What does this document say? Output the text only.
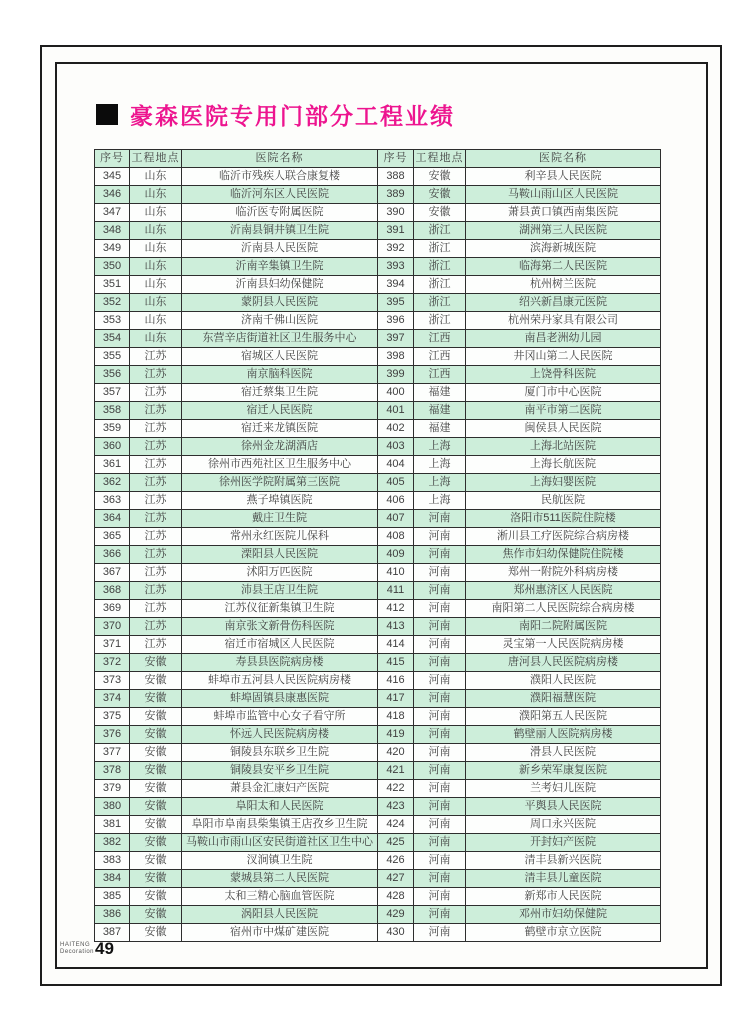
豪森医院专用门部分工程业绩
序号	工程地点	医院名称	序号	工程地点	医院名称
345	山东	临沂市残疾人联合康复楼	388	安徽	利辛县人民医院
346	山东	临沂河东区人民医院	389	安徽	马鞍山雨山区人民医院
347	山东	临沂医专附属医院	390	安徽	萧县黄口镇西南集医院
348	山东	沂南县铜井镇卫生院	391	浙江	湖洲第三人民医院
349	山东	沂南县人民医院	392	浙江	滨海新城医院
350	山东	沂南辛集镇卫生院	393	浙江	临海第二人民医院
351	山东	沂南县妇幼保健院	394	浙江	杭州树兰医院
352	山东	蒙阴县人民医院	395	浙江	绍兴新昌康元医院
353	山东	济南千佛山医院	396	浙江	杭州荣丹家具有限公司
354	山东	东营辛店街道社区卫生服务中心	397	江西	南昌老洲幼儿园
355	江苏	宿城区人民医院	398	江西	井冈山第二人民医院
356	江苏	南京脑科医院	399	江西	上饶骨科医院
357	江苏	宿迁蔡集卫生院	400	福建	厦门市中心医院
358	江苏	宿迁人民医院	401	福建	南平市第二医院
359	江苏	宿迁来龙镇医院	402	福建	闽侯县人民医院
360	江苏	徐州金龙湖酒店	403	上海	上海北站医院
361	江苏	徐州市西苑社区卫生服务中心	404	上海	上海长航医院
362	江苏	徐州医学院附属第三医院	405	上海	上海妇婴医院
363	江苏	燕子埠镇医院	406	上海	民航医院
364	江苏	戴庄卫生院	407	河南	洛阳市511医院住院楼
365	江苏	常州永红医院儿保科	408	河南	淅川县工疗医院综合病房楼
366	江苏	溧阳县人民医院	409	河南	焦作市妇幼保健院住院楼
367	江苏	沭阳万匹医院	410	河南	郑州一附院外科病房楼
368	江苏	沛县王店卫生院	411	河南	郑州惠济区人民医院
369	江苏	江苏仪征新集镇卫生院	412	河南	南阳第二人民医院综合病房楼
370	江苏	南京张文新骨伤科医院	413	河南	南阳二院附属医院
371	江苏	宿迁市宿城区人民医院	414	河南	灵宝第一人民医院病房楼
372	安徽	寿县县医院病房楼	415	河南	唐河县人民医院病房楼
373	安徽	蚌埠市五河县人民医院病房楼	416	河南	濮阳人民医院
374	安徽	蚌埠固镇县康惠医院	417	河南	濮阳福慧医院
375	安徽	蚌埠市监管中心女子看守所	418	河南	濮阳第五人民医院
376	安徽	怀远人民医院病房楼	419	河南	鹤壁丽人医院病房楼
377	安徽	铜陵县东联乡卫生院	420	河南	滑县人民医院
378	安徽	铜陵县安平乡卫生院	421	河南	新乡荣军康复医院
379	安徽	萧县金汇康妇产医院	422	河南	兰考妇儿医院
380	安徽	阜阳太和人民医院	423	河南	平舆县人民医院
381	安徽	阜阳市阜南县柴集镇王店孜乡卫生院	424	河南	周口永兴医院
382	安徽	马鞍山市雨山区安民街道社区卫生中心	425	河南	开封妇产医院
383	安徽	汊涧镇卫生院	426	河南	清丰县新兴医院
384	安徽	蒙城县第二人民医院	427	河南	清丰县儿童医院
385	安徽	太和三精心脑血管医院	428	河南	新郑市人民医院
386	安徽	涡阳县人民医院	429	河南	邓州市妇幼保健院
387	安徽	宿州市中煤矿建医院	430	河南	鹤壁市京立医院
HAITENG
Decoration 49
